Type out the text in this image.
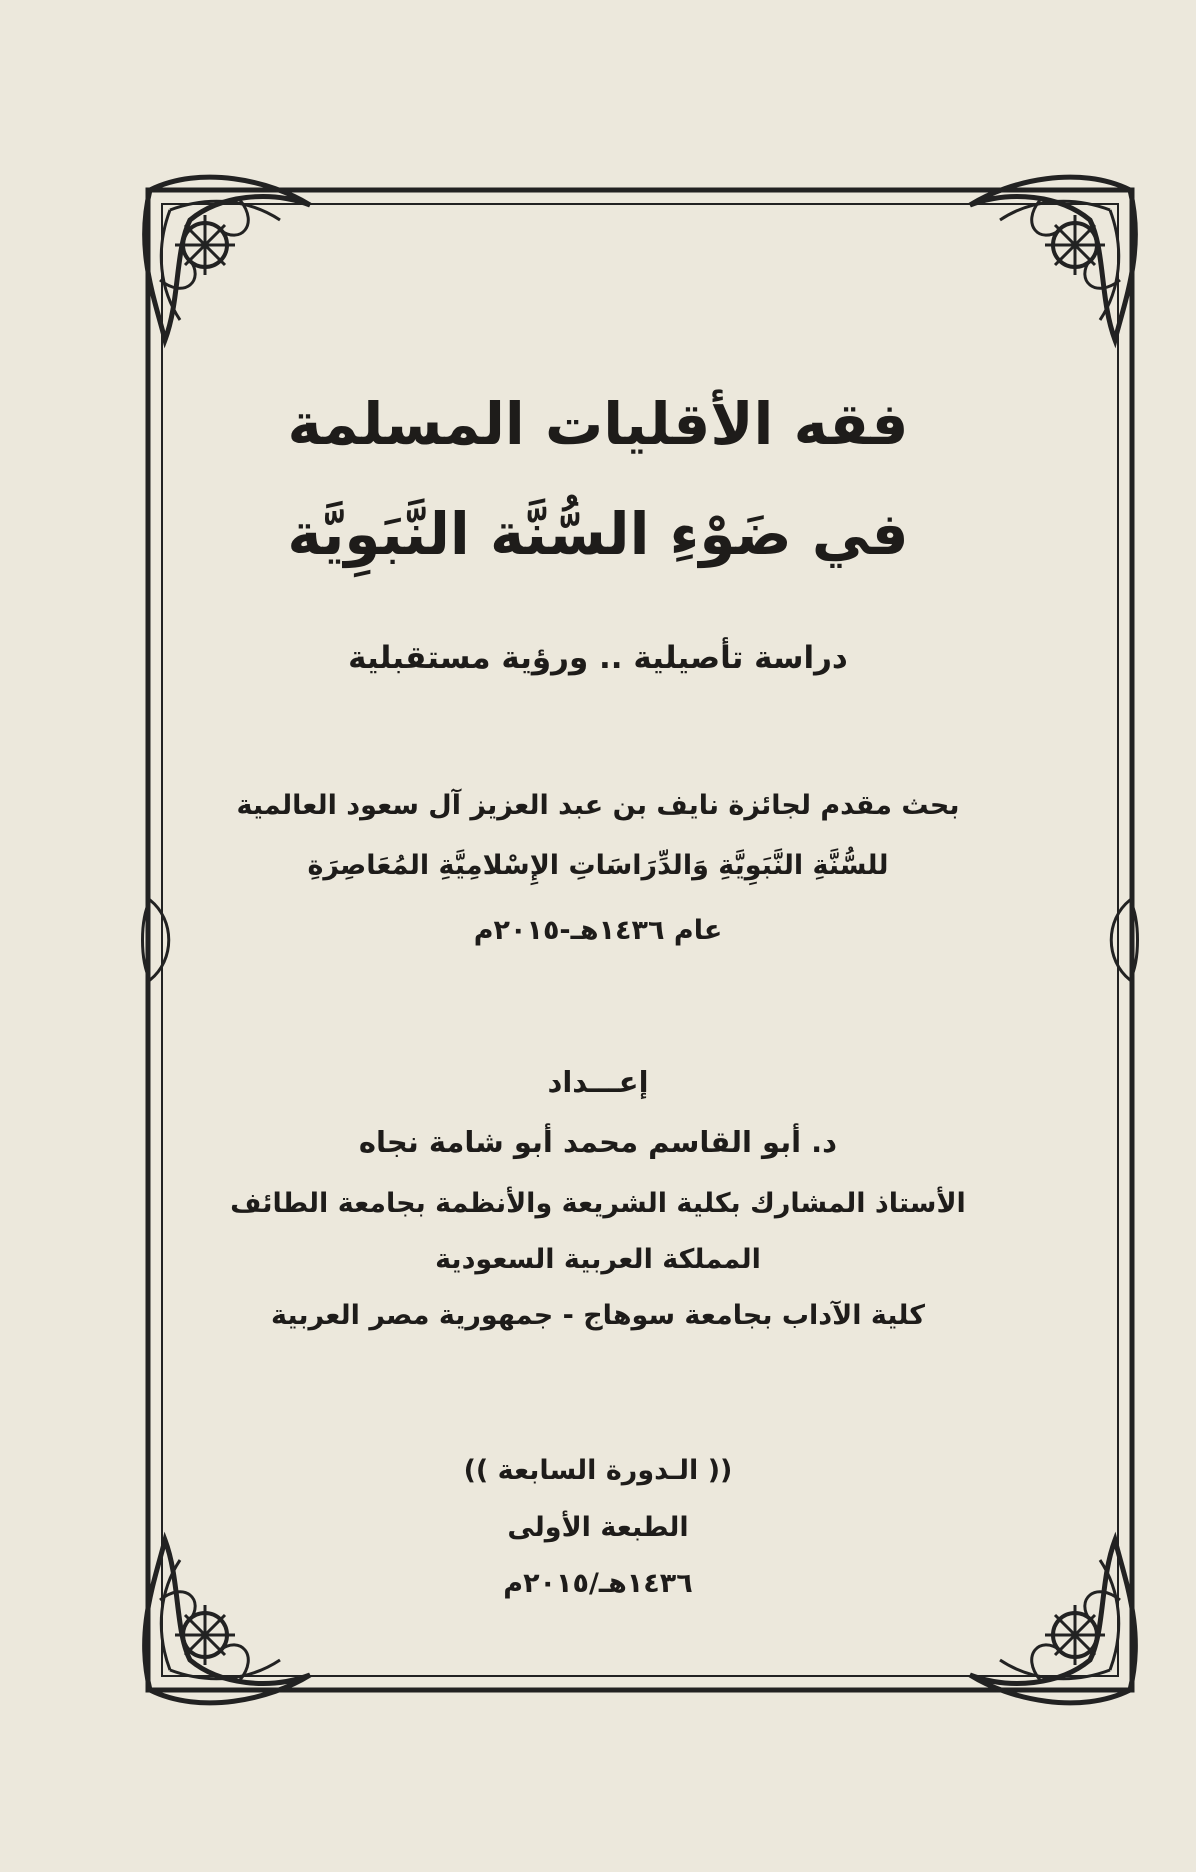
فقه الأقليات المسلمة
في ضَوْءِ السُّنَّة النَّبَوِيَّة
دراسة تأصيلية .. ورؤية مستقبلية
بحث مقدم لجائزة نايف بن عبد العزيز آل سعود العالمية
للسُّنَّةِ النَّبَوِيَّةِ وَالدِّرَاسَاتِ الإِسْلامِيَّةِ المُعَاصِرَةِ
عام ١٤٣٦هـ-٢٠١٥م
إعـــداد
د. أبو القاسم محمد أبو شامة نجاه
الأستاذ المشارك بكلية الشريعة والأنظمة بجامعة الطائف
المملكة العربية السعودية
كلية الآداب بجامعة سوهاج - جمهورية مصر العربية
(( الـدورة السابعة ))
الطبعة الأولى
١٤٣٦هـ/٢٠١٥م
